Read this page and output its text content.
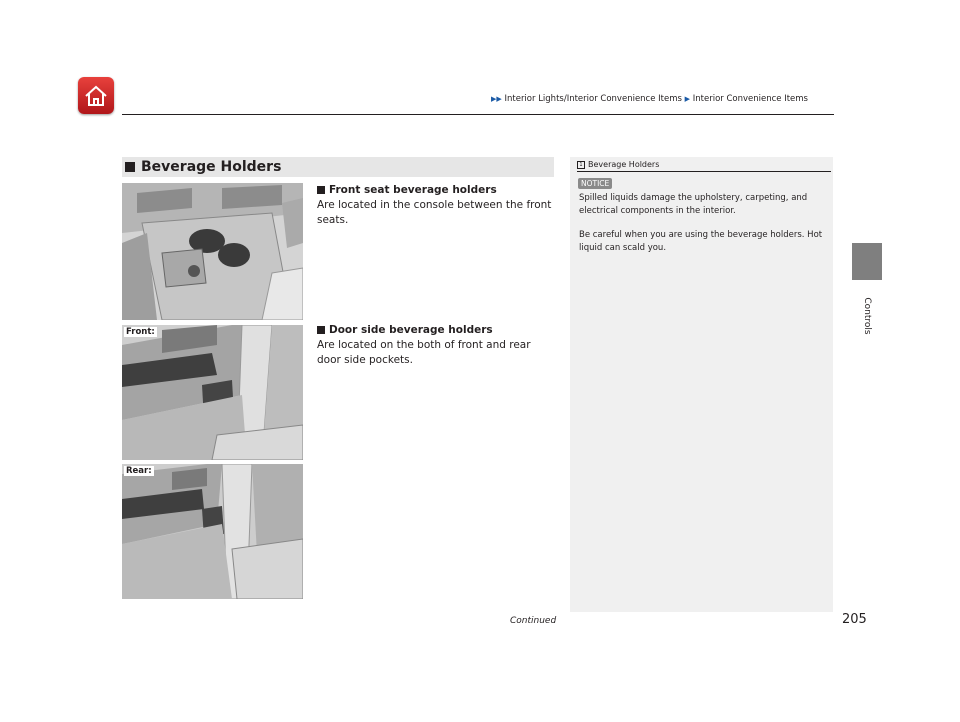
▶▶ Interior Lights/Interior Convenience Items ▶ Interior Convenience Items
Controls
Beverage Holders
Front seat beverage holders
Are located in the console between the front seats.
Front:	Door side beverage holders
Are located on the both of front and rear door side pockets.
Rear:
1 Beverage Holders
NOTICE

Spilled liquids damage the upholstery, carpeting, and electrical components in the interior.

Be careful when you are using the beverage holders. Hot liquid can scald you.

Continued	205
